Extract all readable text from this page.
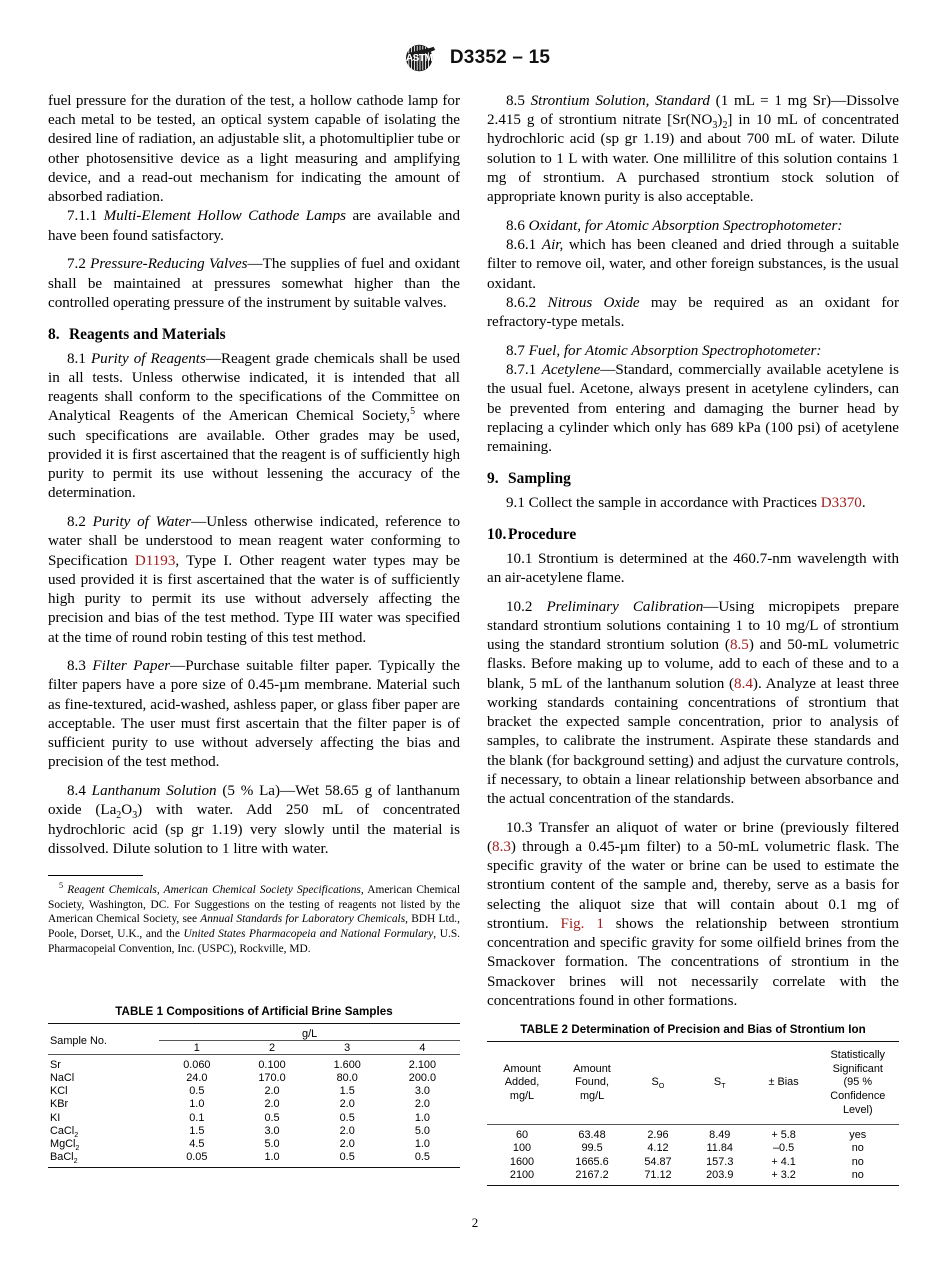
ASTM D3352 – 15

fuel pressure for the duration of the test, a hollow cathode lamp for each metal to be tested, an optical system capable of isolating the desired line of radiation, an adjustable slit, a photomultiplier tube or other photosensitive device as a light measuring and amplifying device, and a read-out mechanism for indicating the amount of absorbed radiation.

7.1.1 Multi-Element Hollow Cathode Lamps are available and have been found satisfactory.

7.2 Pressure-Reducing Valves—The supplies of fuel and oxidant shall be maintained at pressures somewhat higher than the controlled operating pressure of the instrument by suitable valves.

8. Reagents and Materials

8.1 Purity of Reagents—Reagent grade chemicals shall be used in all tests. Unless otherwise indicated, it is intended that all reagents shall conform to the specifications of the Committee on Analytical Reagents of the American Chemical Society,$^5$ where such specifications are available. Other grades may be used, provided it is first ascertained that the reagent is of sufficiently high purity to permit its use without lessening the accuracy of the determination.

8.2 Purity of Water—Unless otherwise indicated, reference to water shall be understood to mean reagent water conforming to Specification D1193, Type I. Other reagent water types may be used provided it is first ascertained that the water is of sufficiently high purity to permit its use without adversely affecting the precision and bias of the test method. Type III water was specified at the time of round robin testing of this test method.

8.3 Filter Paper—Purchase suitable filter paper. Typically the filter papers have a pore size of 0.45-µm membrane. Material such as fine-textured, acid-washed, ashless paper, or glass fiber paper are acceptable. The user must first ascertain that the filter paper is of sufficient purity to use without adversely affecting the bias and precision of the test method.

8.4 Lanthanum Solution (5 % La)—Wet 58.65 g of lanthanum oxide $(La_2O_3)$ with water. Add 250 mL of concentrated hydrochloric acid (sp gr 1.19) very slowly until the material is dissolved. Dilute solution to 1 litre with water.

$^5$ Reagent Chemicals, American Chemical Society Specifications, American Chemical Society, Washington, DC. For Suggestions on the testing of reagents not listed by the American Chemical Society, see Annual Standards for Laboratory Chemicals, BDH Ltd., Poole, Dorset, U.K., and the United States Pharmacopeia and National Formulary, U.S. Pharmacopeial Convention, Inc. (USPC), Rockville, MD.

8.5 Strontium Solution, Standard (1 mL = 1 mg Sr)—Dissolve 2.415 g of strontium nitrate $[Sr(NO_3)_2]$ in 10 mL of concentrated hydrochloric acid (sp gr 1.19) and about 700 mL of water. Dilute solution to 1 L with water. One millilitre of this solution contains 1 mg of strontium. A purchased strontium stock solution of appropriate known purity is also acceptable.

8.6 Oxidant, for Atomic Absorption Spectrophotometer:

8.6.1 Air, which has been cleaned and dried through a suitable filter to remove oil, water, and other foreign substances, is the usual oxidant.

8.6.2 Nitrous Oxide may be required as an oxidant for refractory-type metals.

8.7 Fuel, for Atomic Absorption Spectrophotometer:

8.7.1 Acetylene—Standard, commercially available acetylene is the usual fuel. Acetone, always present in acetylene cylinders, can be prevented from entering and damaging the burner head by replacing a cylinder which only has 689 kPa (100 psi) of acetylene remaining.

9. Sampling

9.1 Collect the sample in accordance with Practices D3370.

10. Procedure

10.1 Strontium is determined at the 460.7-nm wavelength with an air-acetylene flame.

10.2 Preliminary Calibration—Using micropipets prepare standard strontium solutions containing 1 to 10 mg/L of strontium using the standard strontium solution (8.5) and 50-mL volumetric flasks. Before making up to volume, add to each of these and to a blank, 5 mL of the lanthanum solution (8.4). Analyze at least three working standards containing concentrations of strontium that bracket the expected sample concentration, prior to analysis of samples, to calibrate the instrument. Aspirate these standards and the blank (for background setting) and adjust the curvature controls, if necessary, to obtain a linear relationship between absorbance and the actual concentration of the standards.

10.3 Transfer an aliquot of water or brine (previously filtered (8.3) through a 0.45-µm filter) to a 50-mL volumetric flask. The specific gravity of the water or brine can be used to estimate the strontium content of the sample and, thereby, serve as a basis for selecting the aliquot size that will contain about 0.1 mg of strontium. Fig. 1 shows the relationship between strontium concentration and specific gravity for some oilfield brines from the Smackover formation. The concentrations of strontium in the Smackover brines will not necessarily correlate with the concentrations found in other formations.

TABLE 1 Compositions of Artificial Brine Samples
Sample No.	g/L			
	1	2	3	4
Sr	0.060	0.100	1.600	2.100
NaCl	24.0	170.0	80.0	200.0
KCl	0.5	2.0	1.5	3.0
KBr	1.0	2.0	2.0	2.0
KI	0.1	0.5	0.5	1.0
CaCl$_2$	1.5	3.0	2.0	5.0
MgCl$_2$	4.5	5.0	2.0	1.0
BaCl$_2$	0.05	1.0	0.5	0.5
TABLE 2 Determination of Precision and Bias of Strontium Ion
Amount
Added,
mg/L	Amount
Found,
mg/L	$S_O$	$S_T$	± Bias	Statistically
Significant
(95 %
Confidence
Level)
60	63.48	2.96	8.49	+ 5.8	yes
100	99.5	4.12	11.84	–0.5	no
1600	1665.6	54.87	157.3	+ 4.1	no
2100	2167.2	71.12	203.9	+ 3.2	no
2
